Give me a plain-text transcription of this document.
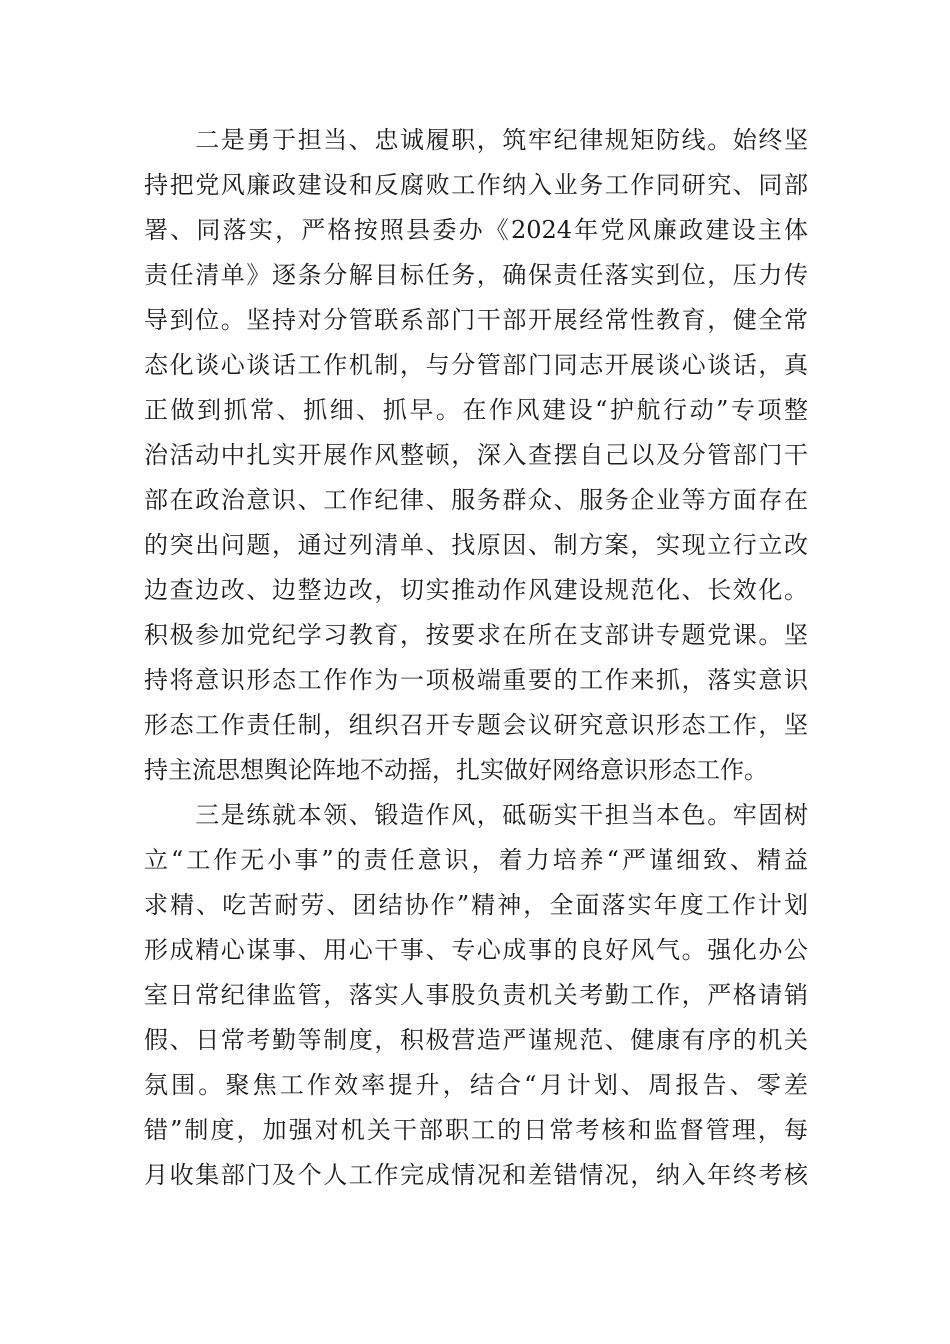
　　二是勇于担当、忠诚履职，筑牢纪律规矩防线。始终坚
持把党风廉政建设和反腐败工作纳入业务工作同研究、同部
署、同落实，严格按照县委办《2024年党风廉政建设主体
责任清单》逐条分解目标任务，确保责任落实到位，压力传
导到位。坚持对分管联系部门干部开展经常性教育，健全常
态化谈心谈话工作机制，与分管部门同志开展谈心谈话，真
正做到抓常、抓细、抓早。在作风建设“护航行动”专项整
治活动中扎实开展作风整顿，深入查摆自己以及分管部门干
部在政治意识、工作纪律、服务群众、服务企业等方面存在
的突出问题，通过列清单、找原因、制方案，实现立行立改
边查边改、边整边改，切实推动作风建设规范化、长效化。
积极参加党纪学习教育，按要求在所在支部讲专题党课。坚
持将意识形态工作作为一项极端重要的工作来抓，落实意识
形态工作责任制，组织召开专题会议研究意识形态工作，坚
持主流思想舆论阵地不动摇，扎实做好网络意识形态工作。
　　三是练就本领、锻造作风，砥砺实干担当本色。牢固树
立“工作无小事”的责任意识，着力培养“严谨细致、精益
求精、吃苦耐劳、团结协作”精神，全面落实年度工作计划
形成精心谋事、用心干事、专心成事的良好风气。强化办公
室日常纪律监管，落实人事股负责机关考勤工作，严格请销
假、日常考勤等制度，积极营造严谨规范、健康有序的机关
氛围。聚焦工作效率提升，结合“月计划、周报告、零差
错”制度，加强对机关干部职工的日常考核和监督管理，每
月收集部门及个人工作完成情况和差错情况，纳入年终考核
